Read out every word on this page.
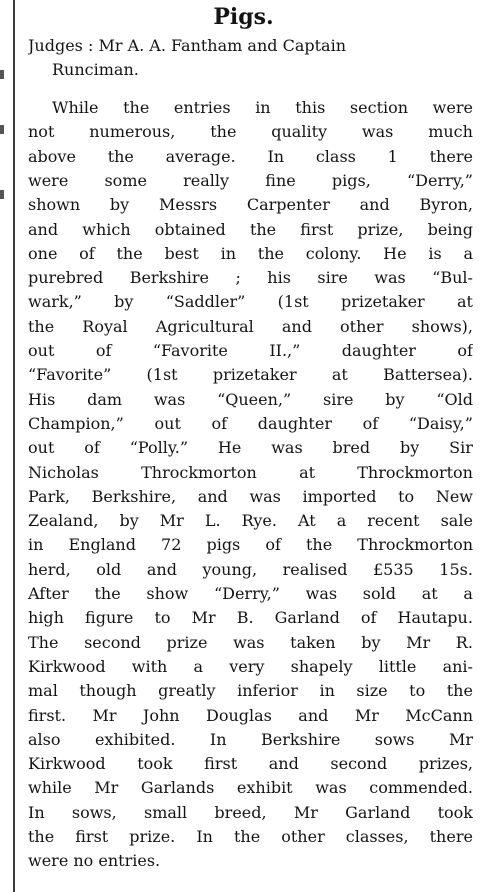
Pigs.
Judges : Mr A. A. Fantham and Captain
Runciman.
While the entries in this section were
not numerous, the quality was much
above the average. In class 1 there
were some really fine pigs, “Derry,”
shown by Messrs Carpenter and Byron,
and which obtained the first prize, being
one of the best in the colony. He is a
purebred Berkshire ; his sire was “Bul-
wark,” by “Saddler” (1st prizetaker at
the Royal Agricultural and other shows),
out	of	“Favorite	II.,”	daughter	of
“Favorite” (1st prizetaker at Battersea).
His dam was “Queen,” sire by “Old
Champion,” out of daughter of “Daisy,”
out of “Polly.” He was bred by Sir
Nicholas	Throckmorton	at	Throckmorton
Park, Berkshire, and was imported to New
Zealand, by Mr L. Rye. At a recent sale
in England 72 pigs of the Throckmorton
herd, old and young, realised £535 15s.
After the show “Derry,” was sold at a
high figure to Mr B. Garland of Hautapu.
The second prize was taken by Mr R.
Kirkwood with a very shapely little ani-
mal though greatly inferior in size to the
first. Mr John Douglas and Mr McCann
also exhibited. In Berkshire sows Mr
Kirkwood took first and second prizes,
while Mr Garlands exhibit was commended.
In sows, small breed, Mr Garland took
the first prize. In the other classes, there
were no entries.
